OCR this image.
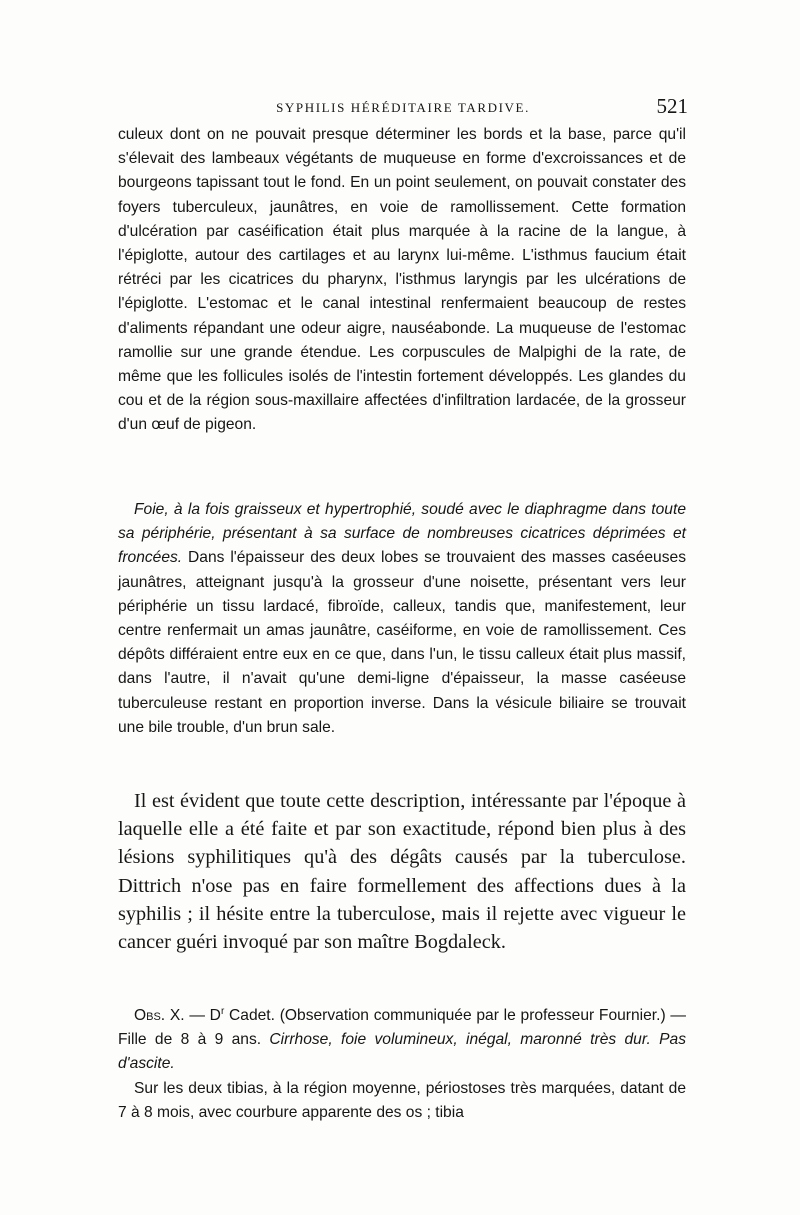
SYPHILIS HÉRÉDITAIRE TARDIVE.	521

culeux dont on ne pouvait presque déterminer les bords et la base, parce qu'il s'élevait des lambeaux végétants de muqueuse en forme d'excroissances et de bourgeons tapissant tout le fond. En un point seulement, on pouvait constater des foyers tuberculeux, jaunâtres, en voie de ramollissement. Cette formation d'ulcération par caséification était plus marquée à la racine de la langue, à l'épiglotte, autour des cartilages et au larynx lui-même. L'isthmus faucium était rétréci par les cicatrices du pharynx, l'isthmus laryngis par les ulcérations de l'épiglotte. L'estomac et le canal intestinal renfermaient beaucoup de restes d'aliments répandant une odeur aigre, nauséabonde. La muqueuse de l'estomac ramollie sur une grande étendue. Les corpuscules de Malpighi de la rate, de même que les follicules isolés de l'intestin fortement développés. Les glandes du cou et de la région sous-maxillaire affectées d'infiltration lardacée, de la grosseur d'un œuf de pigeon.

Foie, à la fois graisseux et hypertrophié, soudé avec le diaphragme dans toute sa périphérie, présentant à sa surface de nombreuses cicatrices déprimées et froncées. Dans l'épaisseur des deux lobes se trouvaient des masses caséeuses jaunâtres, atteignant jusqu'à la grosseur d'une noisette, présentant vers leur périphérie un tissu lardacé, fibroïde, calleux, tandis que, manifestement, leur centre renfermait un amas jaunâtre, caséiforme, en voie de ramollissement. Ces dépôts différaient entre eux en ce que, dans l'un, le tissu calleux était plus massif, dans l'autre, il n'avait qu'une demi-ligne d'épaisseur, la masse caséeuse tuberculeuse restant en proportion inverse. Dans la vésicule biliaire se trouvait une bile trouble, d'un brun sale.

Il est évident que toute cette description, intéressante par l'époque à laquelle elle a été faite et par son exactitude, répond bien plus à des lésions syphilitiques qu'à des dégâts causés par la tuberculose. Dittrich n'ose pas en faire formellement des affections dues à la syphilis ; il hésite entre la tuberculose, mais il rejette avec vigueur le cancer guéri invoqué par son maître Bogdaleck.

Obs. X. — $D^r$ Cadet. (Observation communiquée par le professeur Fournier.) — Fille de 8 à 9 ans. Cirrhose, foie volumineux, inégal, maronné très dur. Pas d'ascite.

Sur les deux tibias, à la région moyenne, périostoses très marquées, datant de 7 à 8 mois, avec courbure apparente des os ; tibia
